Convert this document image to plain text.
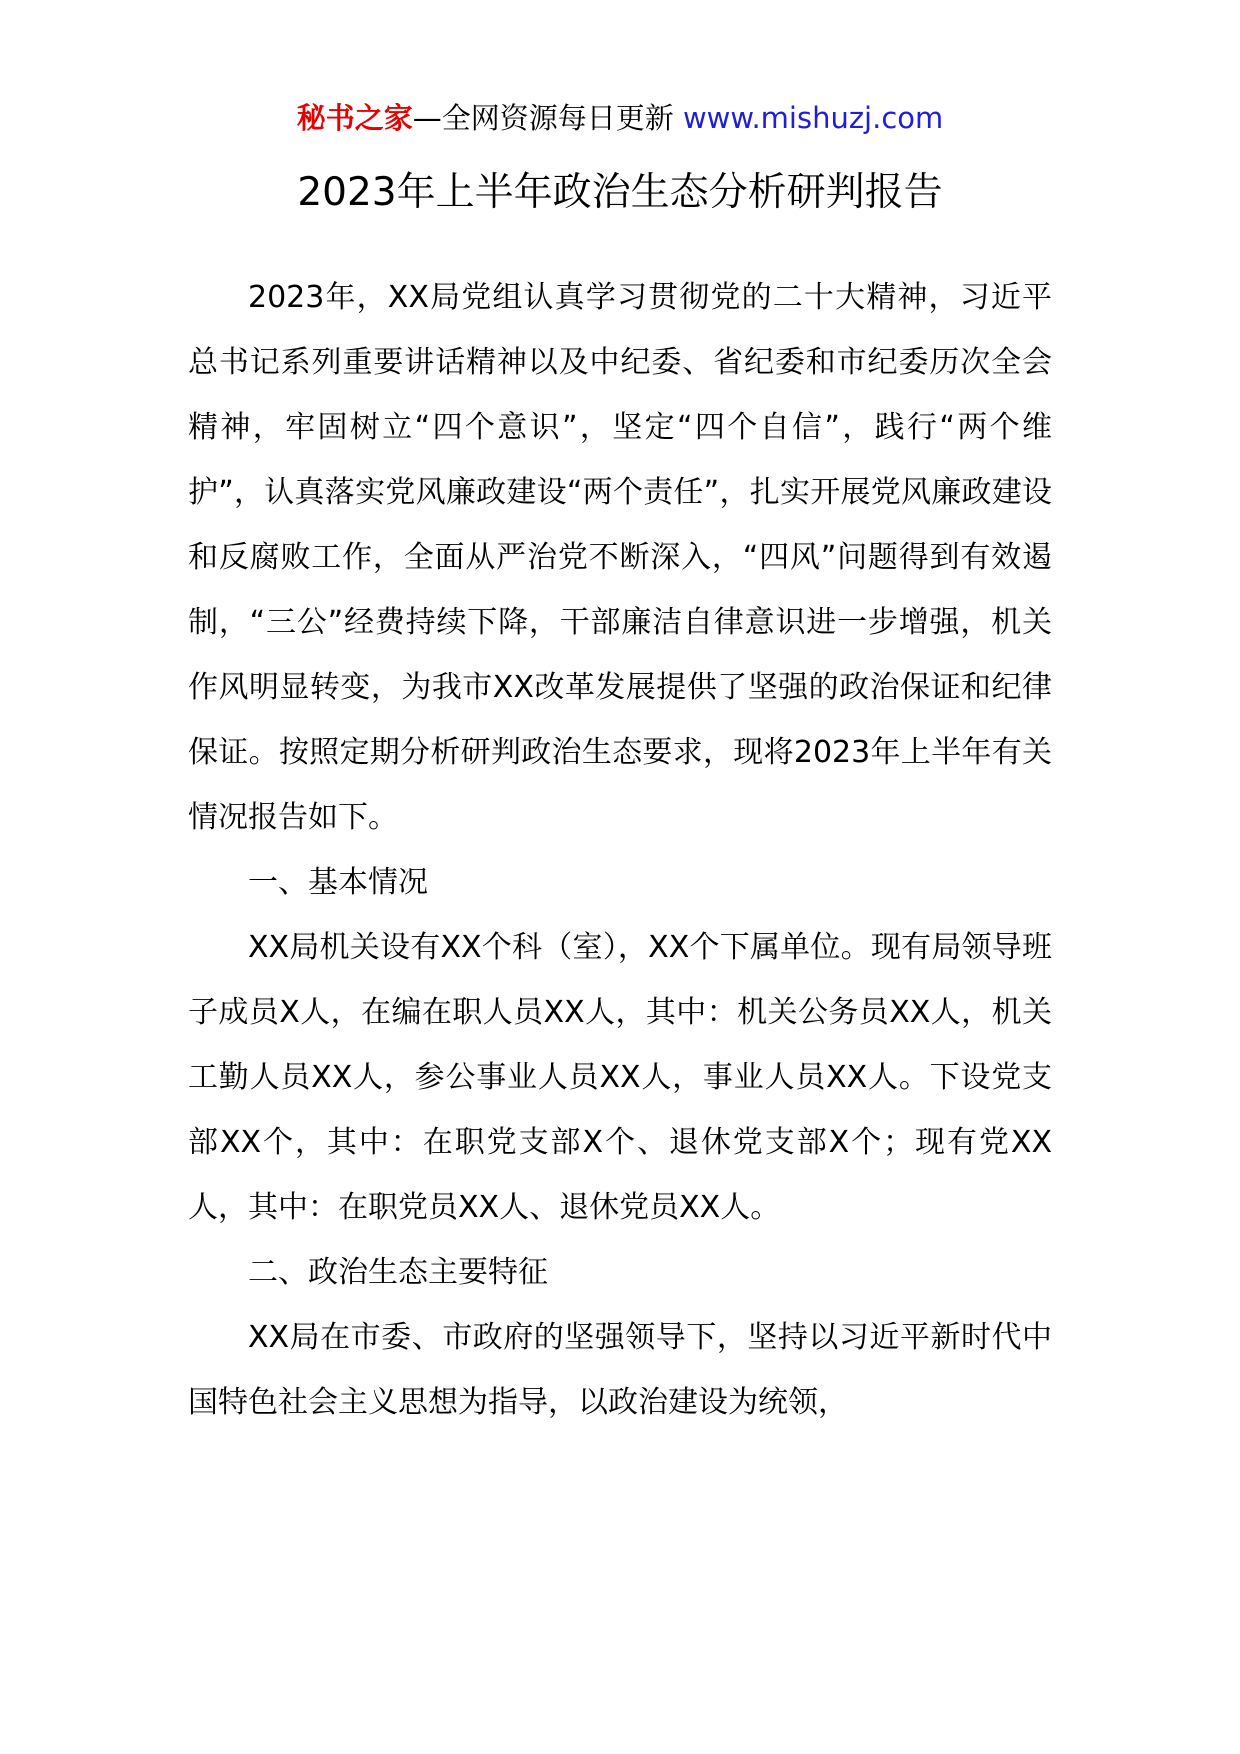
秘书之家—全网资源每日更新 www.mishuzj.com
2023年上半年政治生态分析研判报告

2023年，XX局党组认真学习贯彻党的二十大精神，习近平总书记系列重要讲话精神以及中纪委、省纪委和市纪委历次全会精神，牢固树立“四个意识”，坚定“四个自信”，践行“两个维护”，认真落实党风廉政建设“两个责任”，扎实开展党风廉政建设和反腐败工作，全面从严治党不断深入，“四风”问题得到有效遏制，“三公”经费持续下降，干部廉洁自律意识进一步增强，机关作风明显转变，为我市XX改革发展提供了坚强的政治保证和纪律保证。按照定期分析研判政治生态要求，现将2023年上半年有关情况报告如下。

一、基本情况

XX局机关设有XX个科（室），XX个下属单位。现有局领导班子成员X人，在编在职人员XX人，其中：机关公务员XX人，机关工勤人员XX人，参公事业人员XX人，事业人员XX人。下设党支部XX个，其中：在职党支部X个、退休党支部X个；现有党XX人，其中：在职党员XX人、退休党员XX人。

二、政治生态主要特征

XX局在市委、市政府的坚强领导下，坚持以习近平新时代中国特色社会主义思想为指导，以政治建设为统领，
